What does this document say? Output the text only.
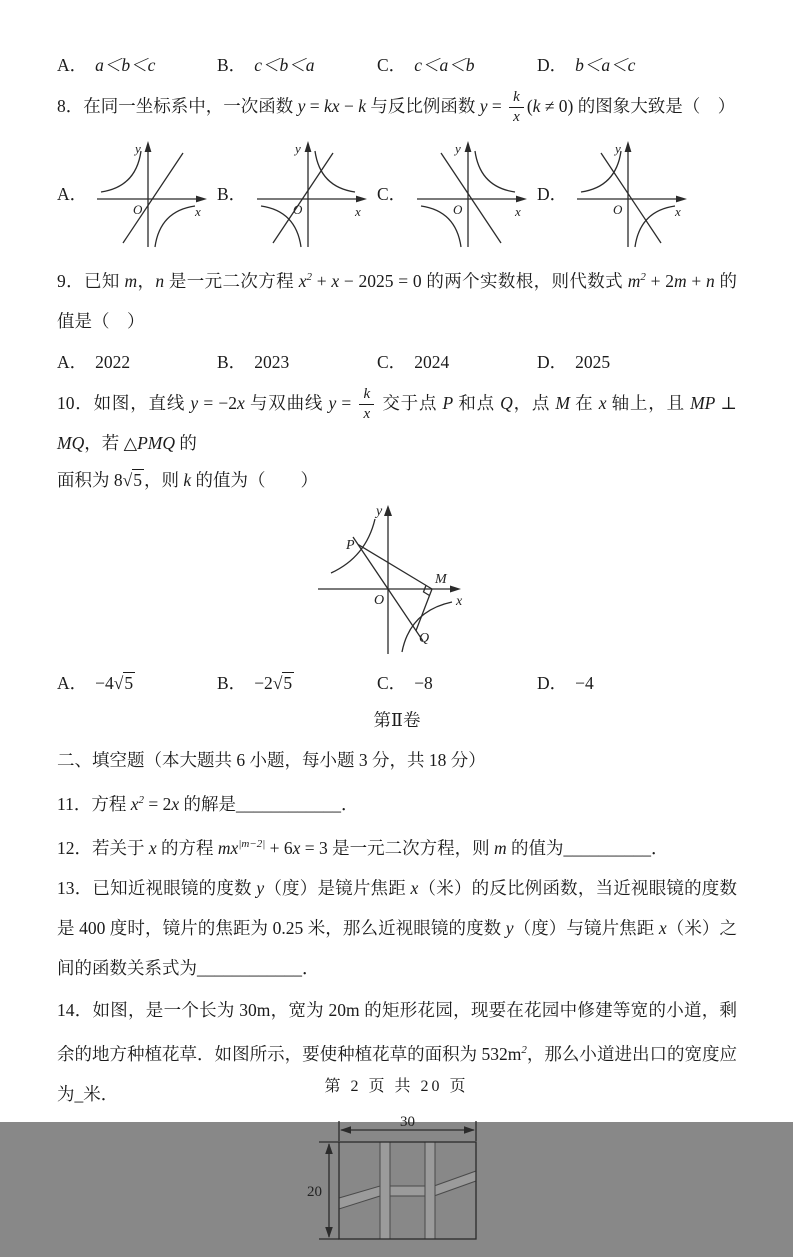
A． a＜b＜c	B． c＜b＜a	C． c＜a＜b	D． b＜a＜c
8．在同一坐标系中，一次函数 y = kx − k 与反比例函数 $y = \frac{k}{x} (k \ne 0)$ 的图象大致是（　）
A．
y
x
O
B．
y
x
O
C．
y
x
O
D．
y
x
O
9．已知 m，n 是一元二次方程 $x^2 + x - 2025 = 0$ 的两个实数根，则代数式 $m^2 + 2m + n$ 的值是（　）
A． 2022	B． 2023	C． 2024	D． 2025
10．如图，直线 y = −2x 与双曲线 $y = \frac{k}{x}$ 交于点 P 和点 Q，点 M 在 x 轴上，且 MP ⊥ MQ，若 △PMQ 的
面积为 8√5 ，则 k 的值为（　　）
y
x
O
P
M
Q
A． −4√5	B． −2√5	C． −8	D． −4
第Ⅱ卷
二、填空题（本大题共 6 小题，每小题 3 分，共 18 分）
11．方程 $x^2 = 2x$ 的解是____________．
12．若关于 x 的方程 $mx^{|m-2|} + 6x = 3$ 是一元二次方程，则 m 的值为__________．
13．已知近视眼镜的度数 y（度）是镜片焦距 x（米）的反比例函数，当近视眼镜的度数是 400 度时，镜片的焦距为 0.25 米，那么近视眼镜的度数 y（度）与镜片焦距 x（米）之间的函数关系式为____________．
14．如图，是一个长为 30m，宽为 20m 的矩形花园，现要在花园中修建等宽的小道，剩余的地方种植花草．如图所示，要使种植花草的面积为 $532m^2$，那么小道进出口的宽度应为_米．
30
20
第 2 页 共 20 页
